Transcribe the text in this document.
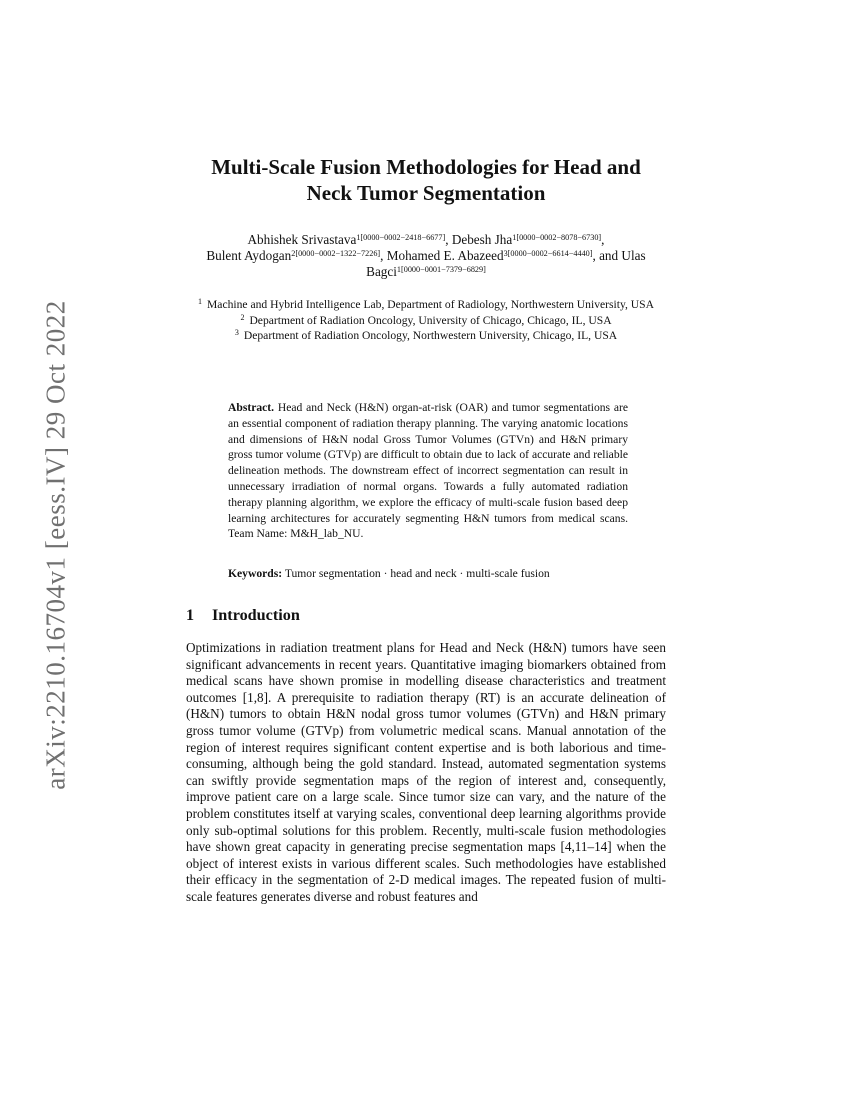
arXiv:2210.16704v1 [eess.IV] 29 Oct 2022
Multi-Scale Fusion Methodologies for Head and Neck Tumor Segmentation
Abhishek Srivastava$^{1[0000-0002-2418-6677]}$, Debesh Jha$^{1[0000-0002-8078-6730]}$,
Bulent Aydogan$^{2[0000-0002-1322-7226]}$, Mohamed E. Abazeed$^{3[0000-0002-6614-4440]}$, and Ulas Bagci$^{1[0000-0001-7379-6829]}$
$^1$ Machine and Hybrid Intelligence Lab, Department of Radiology, Northwestern University, USA
$^2$ Department of Radiation Oncology, University of Chicago, Chicago, IL, USA
$^3$ Department of Radiation Oncology, Northwestern University, Chicago, IL, USA
Abstract. Head and Neck (H&N) organ-at-risk (OAR) and tumor segmentations are an essential component of radiation therapy planning. The varying anatomic locations and dimensions of H&N nodal Gross Tumor Volumes (GTVn) and H&N primary gross tumor volume (GTVp) are difficult to obtain due to lack of accurate and reliable delineation methods. The downstream effect of incorrect segmentation can result in unnecessary irradiation of normal organs. Towards a fully automated radiation therapy planning algorithm, we explore the efficacy of multi-scale fusion based deep learning architectures for accurately segmenting H&N tumors from medical scans. Team Name: M&H_lab_NU.
Keywords: Tumor segmentation · head and neck · multi-scale fusion
1 Introduction

Optimizations in radiation treatment plans for Head and Neck (H&N) tumors have seen significant advancements in recent years. Quantitative imaging biomarkers obtained from medical scans have shown promise in modelling disease characteristics and treatment outcomes [1,8]. A prerequisite to radiation therapy (RT) is an accurate delineation of (H&N) tumors to obtain H&N nodal gross tumor volumes (GTVn) and H&N primary gross tumor volume (GTVp) from volumetric medical scans. Manual annotation of the region of interest requires significant content expertise and is both laborious and time-consuming, although being the gold standard. Instead, automated segmentation systems can swiftly provide segmentation maps of the region of interest and, consequently, improve patient care on a large scale. Since tumor size can vary, and the nature of the problem constitutes itself at varying scales, conventional deep learning algorithms provide only sub-optimal solutions for this problem. Recently, multi-scale fusion methodologies have shown great capacity in generating precise segmentation maps [4,11–14] when the object of interest exists in various different scales. Such methodologies have established their efficacy in the segmentation of 2-D medical images. The repeated fusion of multi-scale features generates diverse and robust features and
